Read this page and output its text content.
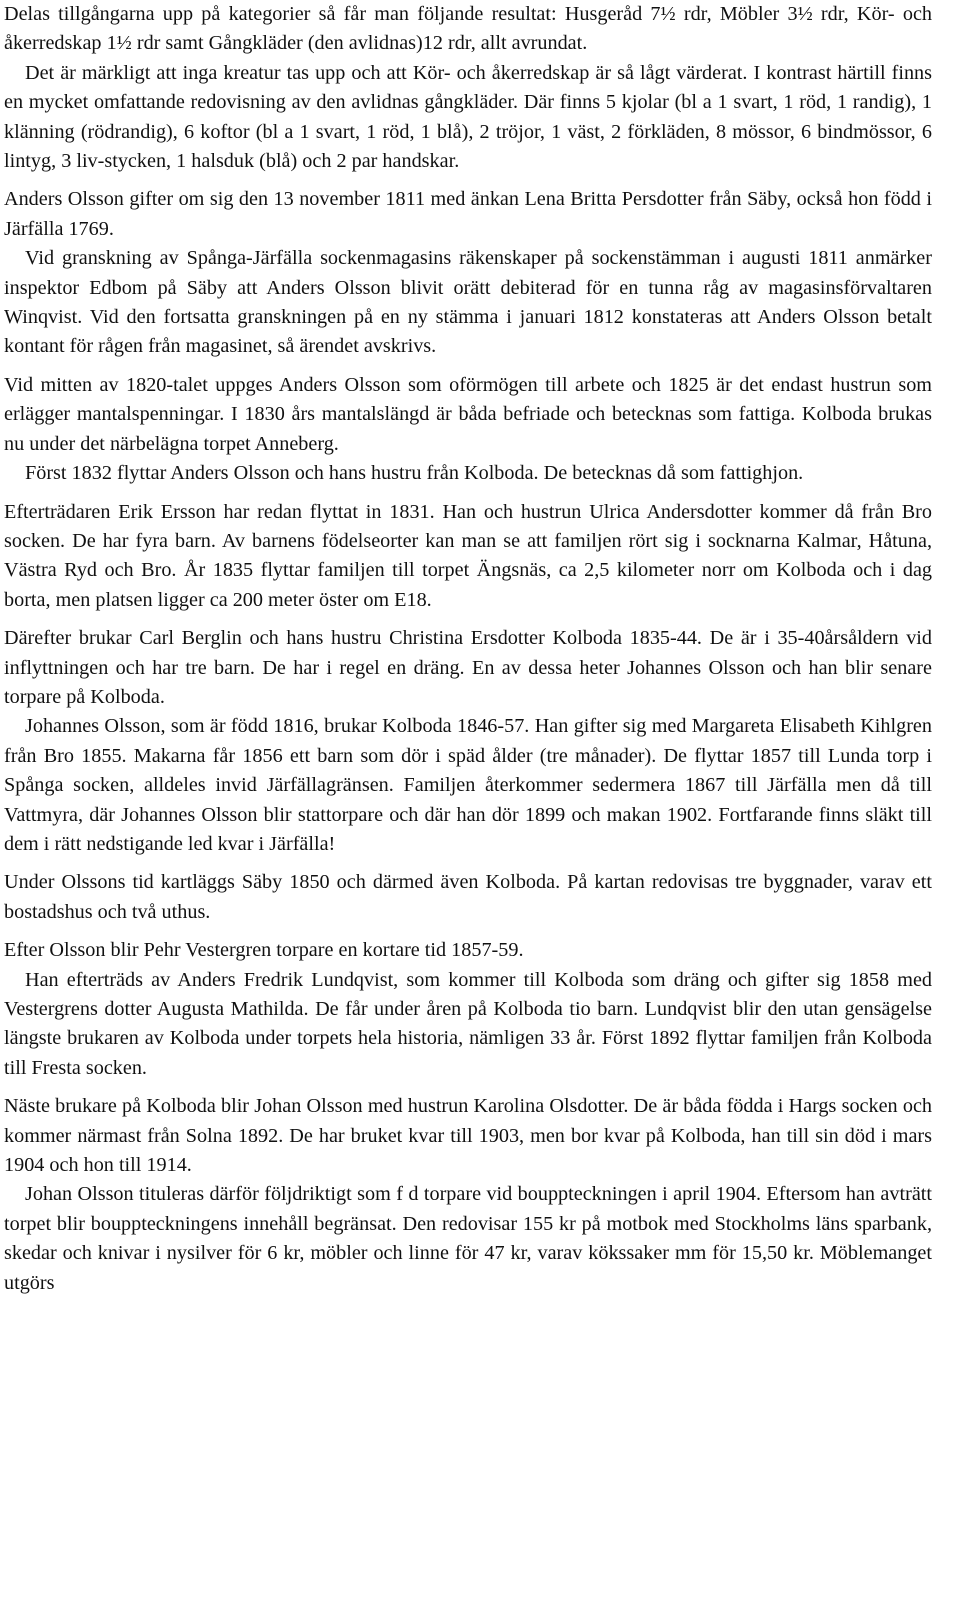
Delas tillgångarna upp på kategorier så får man följande resultat: Husgeråd 7½ rdr, Möbler 3½ rdr, Kör- och åkerredskap 1½ rdr samt Gångkläder (den avlidnas)12 rdr, allt avrundat.

Det är märkligt att inga kreatur tas upp och att Kör- och åkerredskap är så lågt värderat. I kontrast härtill finns en mycket omfattande redovisning av den avlidnas gångkläder. Där finns 5 kjolar (bl a 1 svart, 1 röd, 1 randig), 1 klänning (rödrandig), 6 koftor (bl a 1 svart, 1 röd, 1 blå), 2 tröjor, 1 väst, 2 förkläden, 8 mössor, 6 bindmössor, 6 lintyg, 3 liv-stycken, 1 halsduk (blå) och 2 par handskar.

Anders Olsson gifter om sig den 13 november 1811 med änkan Lena Britta Persdotter från Säby, också hon född i Järfälla 1769.

Vid granskning av Spånga-Järfälla sockenmagasins räkenskaper på sockenstämman i augusti 1811 anmärker inspektor Edbom på Säby att Anders Olsson blivit orätt debiterad för en tunna råg av magasinsförvaltaren Winqvist. Vid den fortsatta granskningen på en ny stämma i januari 1812 konstateras att Anders Olsson betalt kontant för rågen från magasinet, så ärendet avskrivs.

Vid mitten av 1820-talet uppges Anders Olsson som oförmögen till arbete och 1825 är det endast hustrun som erlägger mantalspenningar. I 1830 års mantalslängd är båda befriade och betecknas som fattiga. Kolboda brukas nu under det närbelägna torpet Anneberg.

Först 1832 flyttar Anders Olsson och hans hustru från Kolboda. De betecknas då som fattighjon.

Efterträdaren Erik Ersson har redan flyttat in 1831. Han och hustrun Ulrica Andersdotter kommer då från Bro socken. De har fyra barn. Av barnens födelseorter kan man se att familjen rört sig i socknarna Kalmar, Håtuna, Västra Ryd och Bro. År 1835 flyttar familjen till torpet Ängsnäs, ca 2,5 kilometer norr om Kolboda och i dag borta, men platsen ligger ca 200 meter öster om E18.

Därefter brukar Carl Berglin och hans hustru Christina Ersdotter Kolboda 1835-44. De är i 35-40årsåldern vid inflyttningen och har tre barn. De har i regel en dräng. En av dessa heter Johannes Olsson och han blir senare torpare på Kolboda.

Johannes Olsson, som är född 1816, brukar Kolboda 1846-57. Han gifter sig med Margareta Elisabeth Kihlgren från Bro 1855. Makarna får 1856 ett barn som dör i späd ålder (tre månader). De flyttar 1857 till Lunda torp i Spånga socken, alldeles invid Järfällagränsen. Familjen återkommer sedermera 1867 till Järfälla men då till Vattmyra, där Johannes Olsson blir stattorpare och där han dör 1899 och makan 1902. Fortfarande finns släkt till dem i rätt nedstigande led kvar i Järfälla!

Under Olssons tid kartläggs Säby 1850 och därmed även Kolboda. På kartan redovisas tre byggnader, varav ett bostadshus och två uthus.

Efter Olsson blir Pehr Vestergren torpare en kortare tid 1857-59.

Han efterträds av Anders Fredrik Lundqvist, som kommer till Kolboda som dräng och gifter sig 1858 med Vestergrens dotter Augusta Mathilda. De får under åren på Kolboda tio barn. Lundqvist blir den utan gensägelse längste brukaren av Kolboda under torpets hela historia, nämligen 33 år. Först 1892 flyttar familjen från Kolboda till Fresta socken.

Näste brukare på Kolboda blir Johan Olsson med hustrun Karolina Olsdotter. De är båda födda i Hargs socken och kommer närmast från Solna 1892. De har bruket kvar till 1903, men bor kvar på Kolboda, han till sin död i mars 1904 och hon till 1914.

Johan Olsson tituleras därför följdriktigt som f d torpare vid bouppteckningen i april 1904. Eftersom han avträtt torpet blir bouppteckningens innehåll begränsat. Den redovisar 155 kr på motbok med Stockholms läns sparbank, skedar och knivar i nysilver för 6 kr, möbler och linne för 47 kr, varav kökssaker mm för 15,50 kr. Möblemanget utgörs
